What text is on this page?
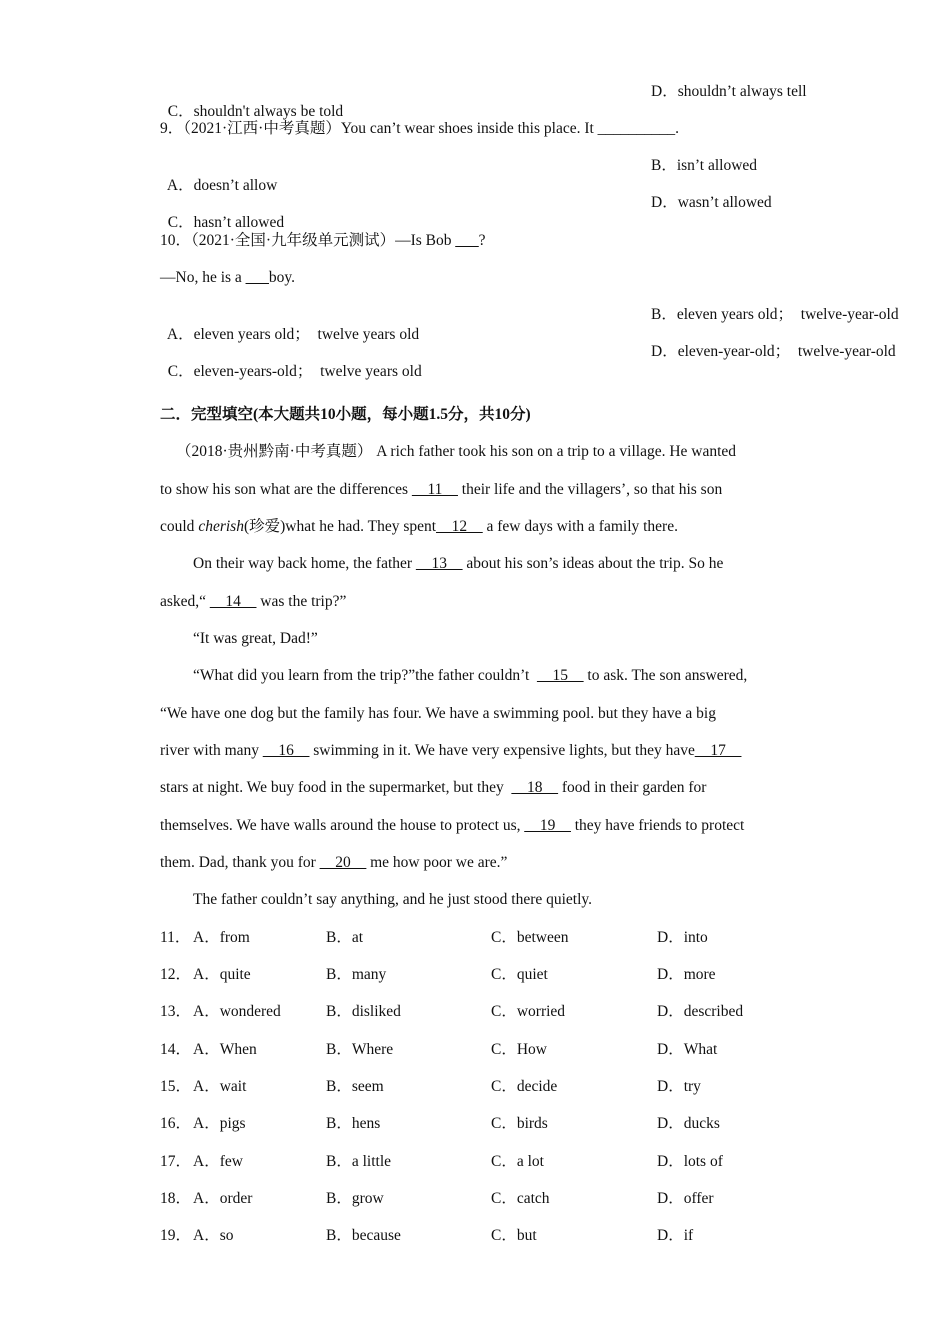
C．shouldn't always be told

D．shouldn’t always tell

9．（2021·江西·中考真题）You can’t wear shoes inside this place. It __________.

A．doesn’t allow

B．isn’t allowed

C．hasn’t allowed

D．wasn’t allowed

10．（2021·全国·九年级单元测试）—Is Bob ___?
—No, he is a ___boy.

A．eleven years old；  twelve years old

B．eleven years old；  twelve-year-old

C．eleven-years-old；  twelve years old

D．eleven-year-old；  twelve-year-old

二．完型填空(本大题共10小题，每小题1.5分，共10分)
（2018·贵州黔南·中考真题） A rich father took his son on a trip to a village. He wanted
to show his son what are the differences __11__ their life and the villagers’, so that his son
could cherish(珍爱)what he had. They spent__12__ a few days with a family there.
On their way back home, the father __13__ about his son’s ideas about the trip. So he
asked,“ __14__ was the trip?”
“It was great, Dad!”
“What did you learn from the trip?”the father couldn’t  __15__ to ask. The son answered,
“We have one dog but the family has four. We have a swimming pool. but they have a big
river with many __16__ swimming in it. We have very expensive lights, but they have__17__
stars at night. We buy food in the supermarket, but they  __18__ food in their garden for
themselves. We have walls around the house to protect us, __19__ they have friends to protect
them. Dad, thank you for __20__ me how poor we are.”
The father couldn’t say anything, and he just stood there quietly.
11． A．from	B．at	C．between	D．into
12． A．quite	B．many	C．quiet	D．more
13． A．wondered	B．disliked	C．worried	D．described
14． A．When	B．Where	C．How	D．What
15． A．wait	B．seem	C．decide	D．try
16． A．pigs	B．hens	C．birds	D．ducks
17． A．few	B．a little	C．a lot	D．lots of
18． A．order	B．grow	C．catch	D．offer
19． A．so	B．because	C．but	D．if
